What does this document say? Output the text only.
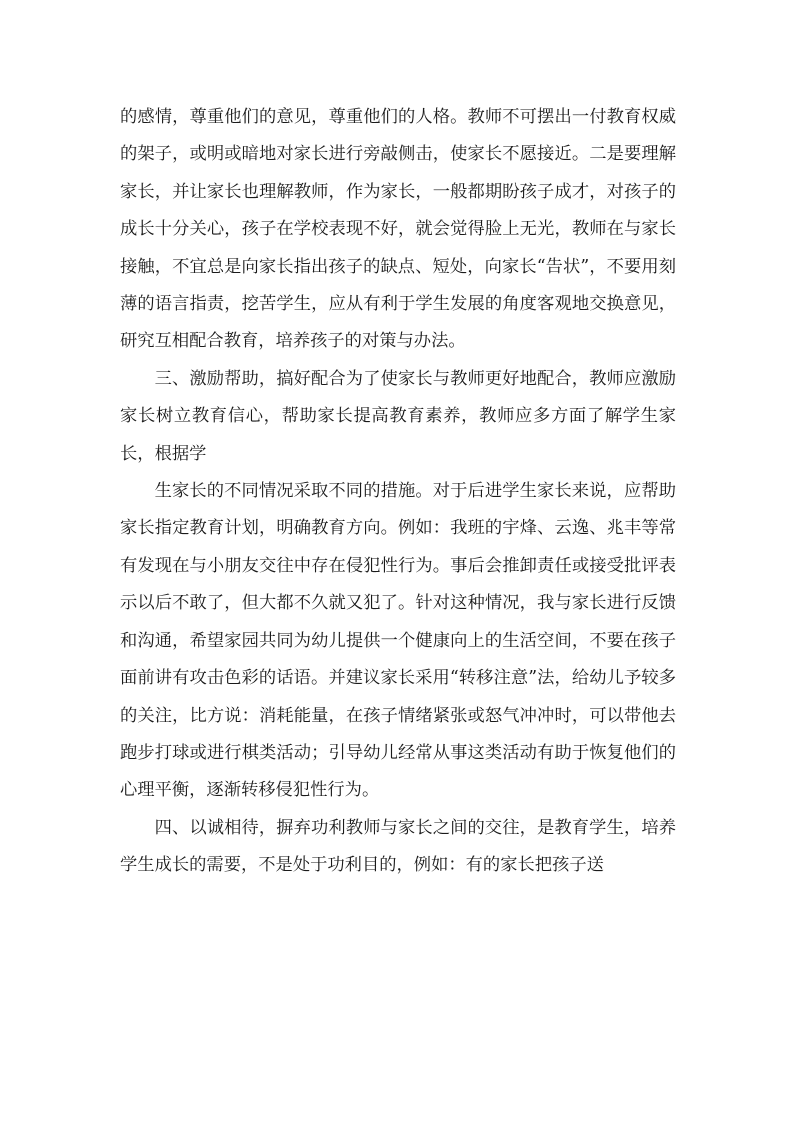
的感情，尊重他们的意见，尊重他们的人格。教师不可摆出一付教育权威的架子，或明或暗地对家长进行旁敲侧击，使家长不愿接近。二是要理解家长，并让家长也理解教师，作为家长，一般都期盼孩子成才，对孩子的成长十分关心，孩子在学校表现不好，就会觉得脸上无光，教师在与家长接触，不宜总是向家长指出孩子的缺点、短处，向家长“告状”，不要用刻薄的语言指责，挖苦学生，应从有利于学生发展的角度客观地交换意见，研究互相配合教育，培养孩子的对策与办法。

三、激励帮助，搞好配合为了使家长与教师更好地配合，教师应激励家长树立教育信心，帮助家长提高教育素养，教师应多方面了解学生家长，根据学

生家长的不同情况采取不同的措施。对于后进学生家长来说，应帮助家长指定教育计划，明确教育方向。例如：我班的宇烽、云逸、兆丰等常有发现在与小朋友交往中存在侵犯性行为。事后会推卸责任或接受批评表示以后不敢了，但大都不久就又犯了。针对这种情况，我与家长进行反馈和沟通，希望家园共同为幼儿提供一个健康向上的生活空间，不要在孩子面前讲有攻击色彩的话语。并建议家长采用“转移注意”法，给幼儿予较多的关注，比方说：消耗能量，在孩子情绪紧张或怒气冲冲时，可以带他去跑步打球或进行棋类活动；引导幼儿经常从事这类活动有助于恢复他们的心理平衡，逐渐转移侵犯性行为。

四、以诚相待，摒弃功利教师与家长之间的交往，是教育学生，培养学生成长的需要，不是处于功利目的，例如：有的家长把孩子送
